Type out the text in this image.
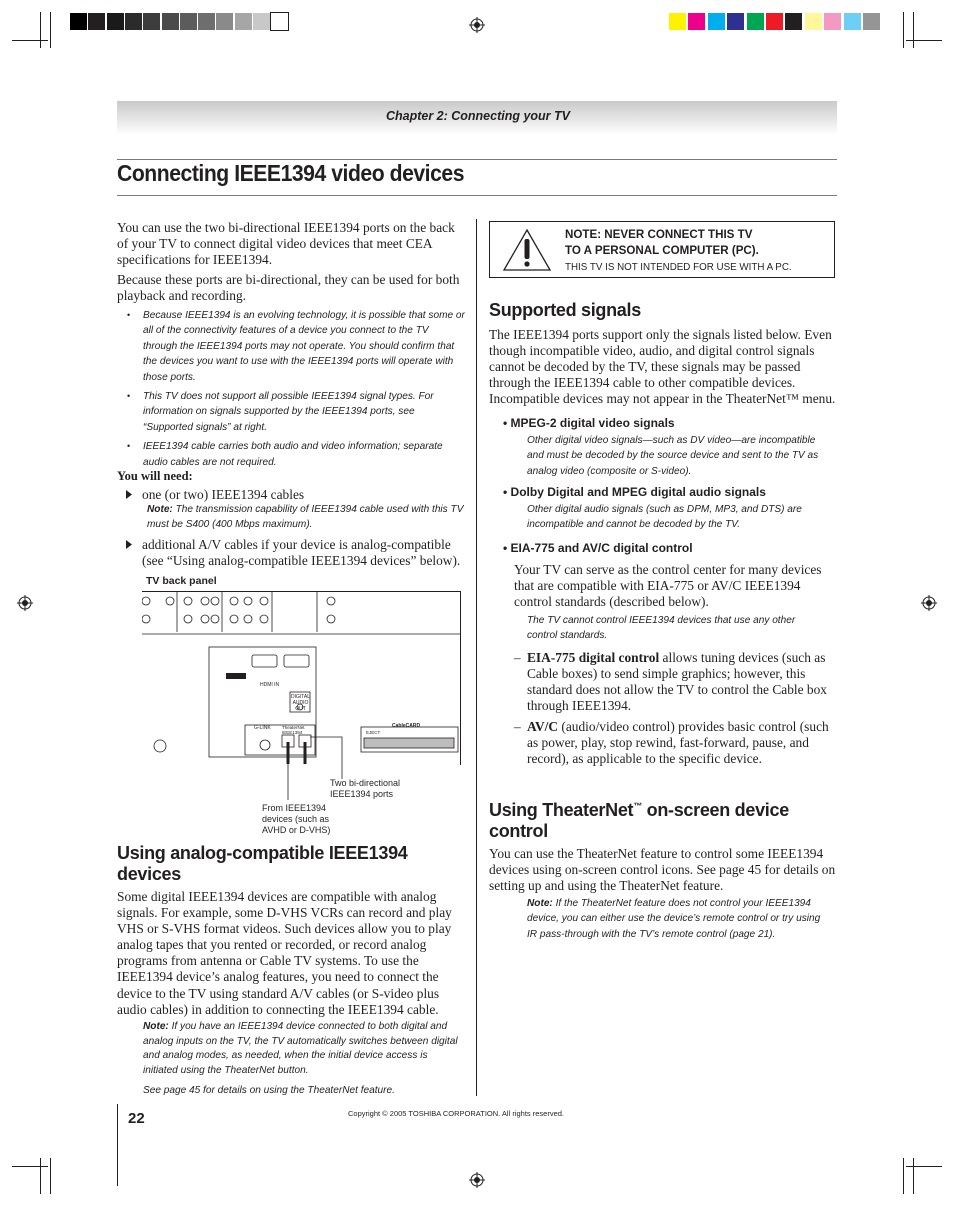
Chapter 2: Connecting your TV
Connecting IEEE1394 video devices
You can use the two bi-directional IEEE1394 ports on the back of your TV to connect digital video devices that meet CEA specifications for IEEE1394.
Because these ports are bi-directional, they can be used for both playback and recording.
• Because IEEE1394 is an evolving technology, it is possible that some or all of the connectivity features of a device you connect to the TV through the IEEE1394 ports may not operate. You should confirm that the devices you want to use with the IEEE1394 ports will operate with those ports.
• This TV does not support all possible IEEE1394 signal types. For information on signals supported by the IEEE1394 ports, see “Supported signals” at right.
• IEEE1394 cable carries both audio and video information; separate audio cables are not required.
You will need:
one (or two) IEEE1394 cables
Note: The transmission capability of IEEE1394 cable used with this TV must be S400 (400 Mbps maximum).
additional A/V cables if your device is analog-compatible (see “Using analog-compatible IEEE1394 devices” below).
TV back panel
HDMI IN
DIGITAL AUDIO OUT
G-LINK	TheaterNet IEEE1394
CableCARD
EJECT
Two bi-directional IEEE1394 ports
From IEEE1394 devices (such as AVHD or D-VHS)
Using analog-compatible IEEE1394 devices
Some digital IEEE1394 devices are compatible with analog signals. For example, some D-VHS VCRs can record and play VHS or S-VHS format videos. Such devices allow you to play analog tapes that you rented or recorded, or record analog programs from antenna or Cable TV systems. To use the IEEE1394 device’s analog features, you need to connect the device to the TV using standard A/V cables (or S-video plus audio cables) in addition to connecting the IEEE1394 cable.
Note: If you have an IEEE1394 device connected to both digital and analog inputs on the TV, the TV automatically switches between digital and analog modes, as needed, when the initial device access is initiated using the TheaterNet button.
See page 45 for details on using the TheaterNet feature.
NOTE: NEVER CONNECT THIS TV
TO A PERSONAL COMPUTER (PC).
THIS TV IS NOT INTENDED FOR USE WITH A PC.
Supported signals
The IEEE1394 ports support only the signals listed below. Even though incompatible video, audio, and digital control signals cannot be decoded by the TV, these signals may be passed through the IEEE1394 cable to other compatible devices. Incompatible devices may not appear in the TheaterNet™ menu.
• MPEG-2 digital video signals
Other digital video signals—such as DV video—are incompatible and must be decoded by the source device and sent to the TV as analog video (composite or S-video).
• Dolby Digital and MPEG digital audio signals
Other digital audio signals (such as DPM, MP3, and DTS) are incompatible and cannot be decoded by the TV.
• EIA-775 and AV/C digital control
Your TV can serve as the control center for many devices that are compatible with EIA-775 or AV/C IEEE1394 control standards (described below).
The TV cannot control IEEE1394 devices that use any other control standards.
– EIA-775 digital control allows tuning devices (such as Cable boxes) to send simple graphics; however, this standard does not allow the TV to control the Cable box through IEEE1394.
– AV/C (audio/video control) provides basic control (such as power, play, stop rewind, fast-forward, pause, and record), as applicable to the specific device.
Using TheaterNet™ on-screen device control
You can use the TheaterNet feature to control some IEEE1394 devices using on-screen control icons. See page 45 for details on setting up and using the TheaterNet feature.
Note: If the TheaterNet feature does not control your IEEE1394 device, you can either use the device’s remote control or try using IR pass-through with the TV’s remote control (page 21).
22	Copyright © 2005 TOSHIBA CORPORATION. All rights reserved.
